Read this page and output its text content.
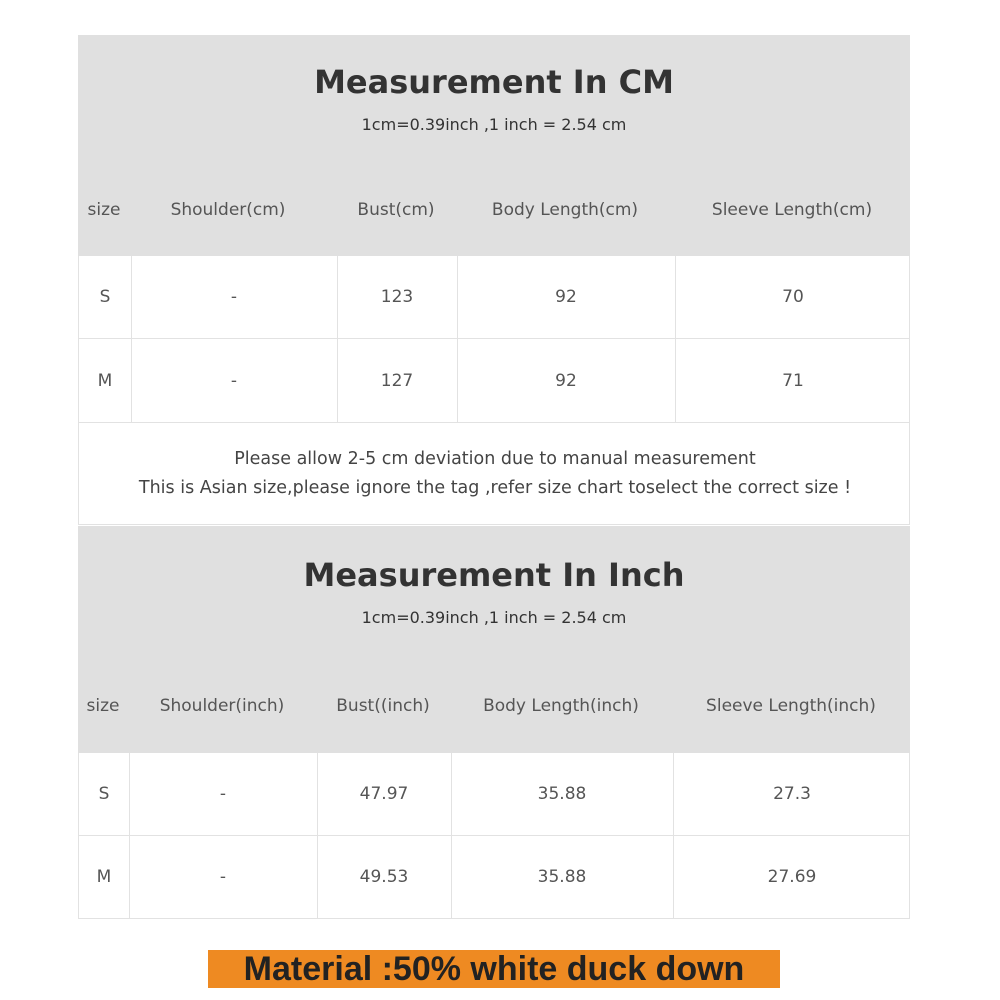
Measurement In CM
1cm=0.39inch ,1 inch = 2.54 cm
size	Shoulder(cm)	Bust(cm)	Body Length(cm)	Sleeve Length(cm)
S	-	123	92	70
M	-	127	92	71
Please allow 2-5 cm deviation due to manual measurement
This is Asian size,please ignore the tag ,refer size chart toselect the correct size !
Measurement In Inch
1cm=0.39inch ,1 inch = 2.54 cm
size Shoulder(inch)	Bust((inch)	Body Length(inch)	Sleeve Length(inch)
S	-	47.97	35.88	27.3
M	-	49.53	35.88	27.69
Material :50% white duck down
